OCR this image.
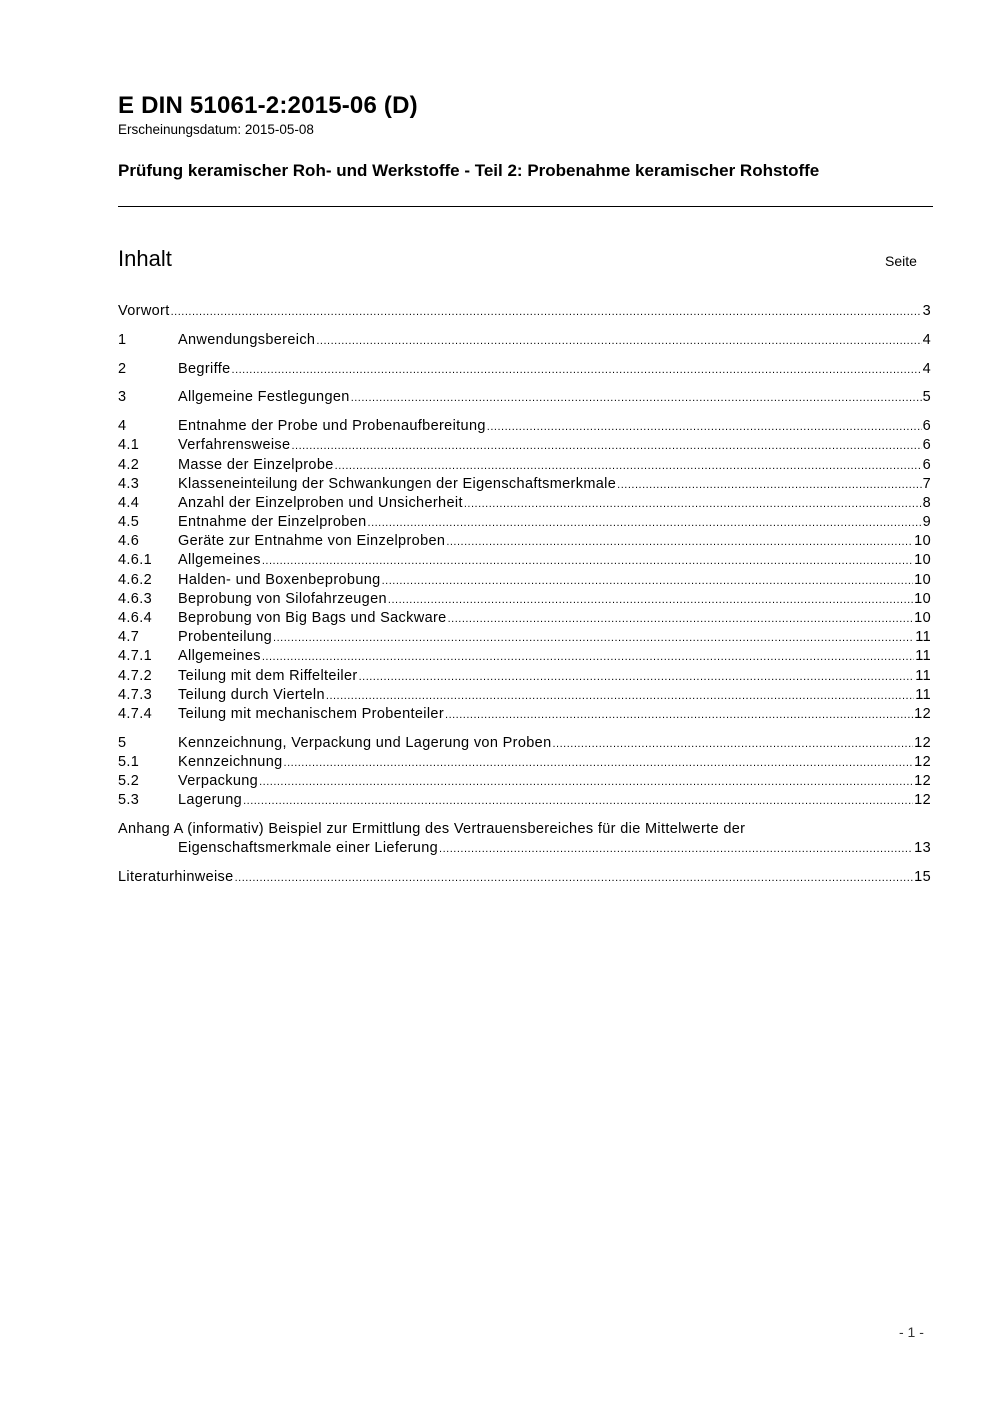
E DIN 51061-2:2015-06 (D)
Erscheinungsdatum: 2015-05-08
Prüfung keramischer Roh- und Werkstoffe - Teil 2: Probenahme keramischer Rohstoffe
Inhalt	Seite
Vorwort .....	3
1	Anwendungsbereich .....	4
2	Begriffe .....	4
3	Allgemeine Festlegungen .....	5
4	Entnahme der Probe und Probenaufbereitung .....	6
4.1	Verfahrensweise .....	6
4.2	Masse der Einzelprobe .....	6
4.3	Klasseneinteilung der Schwankungen der Eigenschaftsmerkmale .....	7
4.4	Anzahl der Einzelproben und Unsicherheit .....	8
4.5	Entnahme der Einzelproben .....	9
4.6	Geräte zur Entnahme von Einzelproben .....	10
4.6.1	Allgemeines .....	10
4.6.2	Halden- und Boxenbeprobung .....	10
4.6.3	Beprobung von Silofahrzeugen .....	10
4.6.4	Beprobung von Big Bags und Sackware .....	10
4.7	Probenteilung .....	11
4.7.1	Allgemeines .....	11
4.7.2	Teilung mit dem Riffelteiler .....	11
4.7.3	Teilung durch Vierteln .....	11
4.7.4	Teilung mit mechanischem Probenteiler .....	12
5	Kennzeichnung, Verpackung und Lagerung von Proben .....	12
5.1	Kennzeichnung .....	12
5.2	Verpackung .....	12
5.3	Lagerung .....	12
Anhang A (informativ) Beispiel zur Ermittlung des Vertrauensbereiches für die Mittelwerte der
Eigenschaftsmerkmale einer Lieferung .....	13
Literaturhinweise .....	15
- 1 -
